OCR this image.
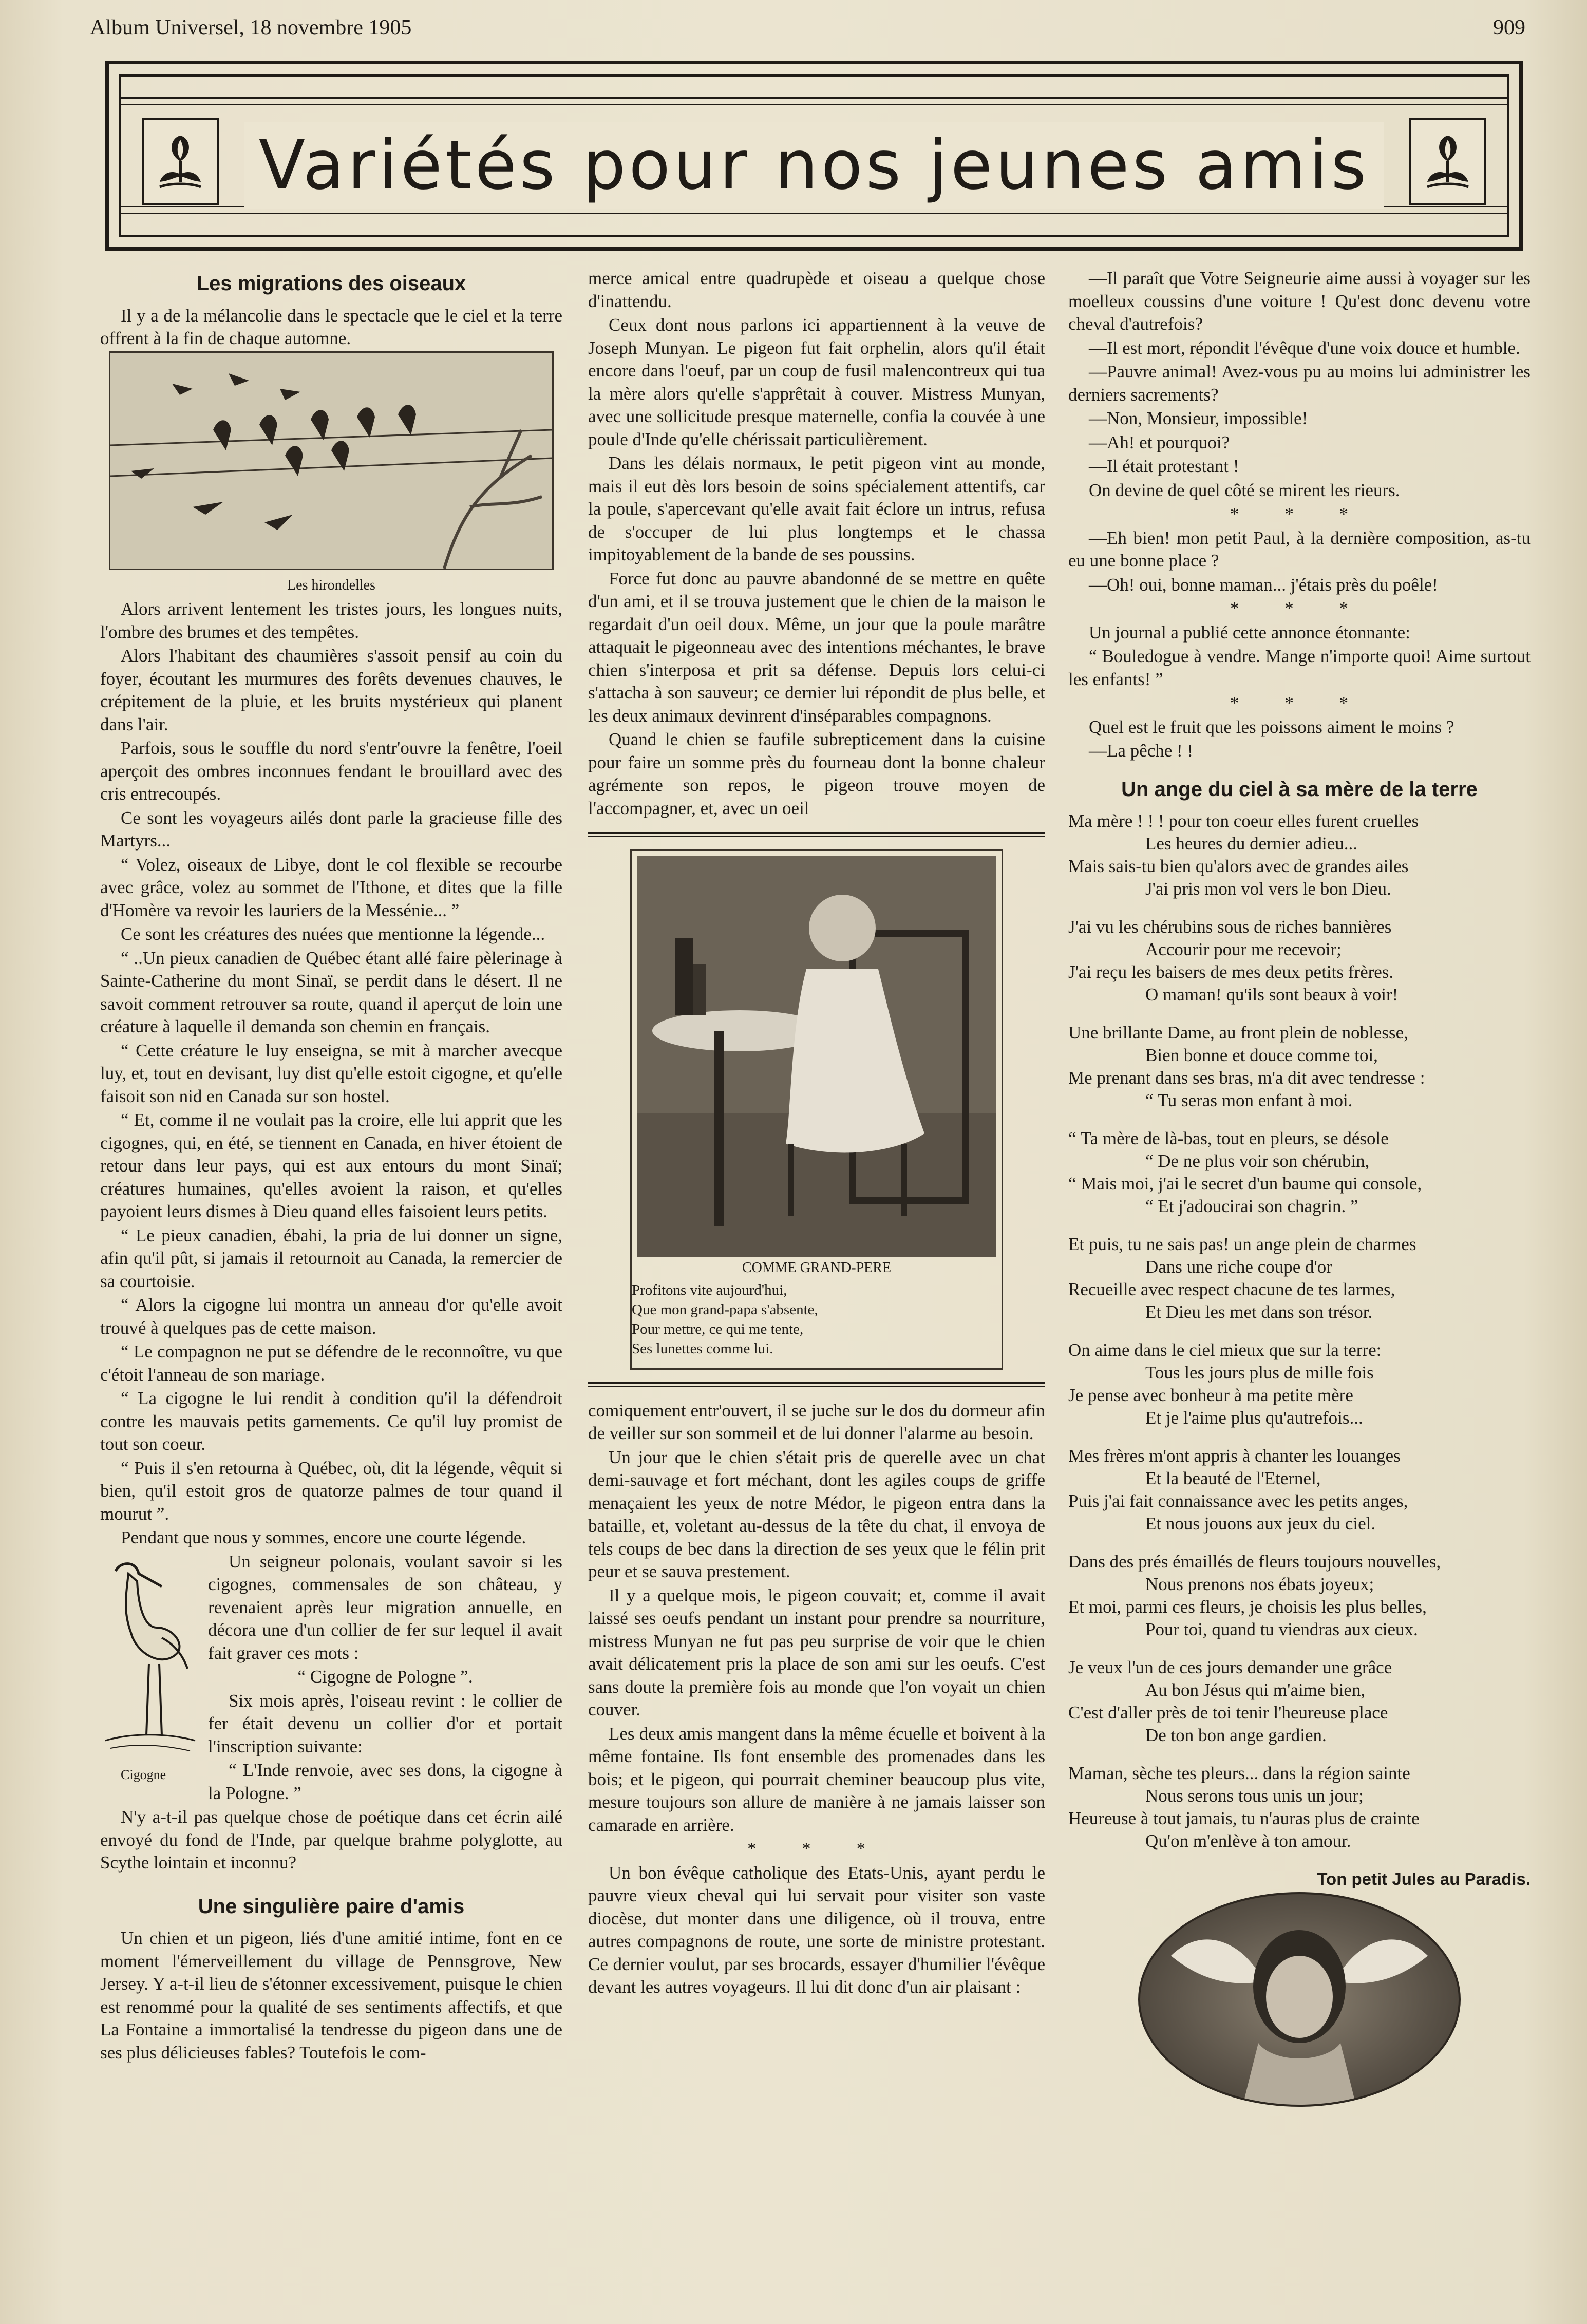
Album Universel, 18 novembre 1905	909
Variétés pour nos jeunes amis
Les migrations des oiseaux

Il y a de la mélancolie dans le spectacle que le ciel et la terre offrent à la fin de chaque automne.

Les hirondelles

Alors arrivent lentement les tristes jours, les longues nuits, l'ombre des brumes et des tempêtes.

Alors l'habitant des chaumières s'assoit pensif au coin du foyer, écoutant les murmures des forêts devenues chauves, le crépitement de la pluie, et les bruits mystérieux qui planent dans l'air.

Parfois, sous le souffle du nord s'entr'ouvre la fenêtre, l'oeil aperçoit des ombres inconnues fendant le brouillard avec des cris entrecoupés.

Ce sont les voyageurs ailés dont parle la gracieuse fille des Martyrs...

“ Volez, oiseaux de Libye, dont le col flexible se recourbe avec grâce, volez au sommet de l'Ithone, et dites que la fille d'Homère va revoir les lauriers de la Messénie... ”

Ce sont les créatures des nuées que mentionne la légende...

“ ..Un pieux canadien de Québec étant allé faire pèlerinage à Sainte-Catherine du mont Sinaï, se perdit dans le désert. Il ne savoit comment retrouver sa route, quand il aperçut de loin une créature à laquelle il demanda son chemin en français.

“ Cette créature le luy enseigna, se mit à marcher avecque luy, et, tout en devisant, luy dist qu'elle estoit cigogne, et qu'elle faisoit son nid en Canada sur son hostel.

“ Et, comme il ne voulait pas la croire, elle lui apprit que les cigognes, qui, en été, se tiennent en Canada, en hiver étoient de retour dans leur pays, qui est aux entours du mont Sinaï; créatures humaines, qu'elles avoient la raison, et qu'elles payoient leurs dismes à Dieu quand elles faisoient leurs petits.

“ Le pieux canadien, ébahi, la pria de lui donner un signe, afin qu'il pût, si jamais il retournoit au Canada, la remercier de sa courtoisie.

“ Alors la cigogne lui montra un anneau d'or qu'elle avoit trouvé à quelques pas de cette maison.

“ Le compagnon ne put se défendre de le reconnoître, vu que c'étoit l'anneau de son mariage.

“ La cigogne le lui rendit à condition qu'il la défendroit contre les mauvais petits garnements. Ce qu'il luy promist de tout son coeur.

“ Puis il s'en retourna à Québec, où, dit la légende, vêquit si bien, qu'il estoit gros de quatorze palmes de tour quand il mourut ”.

Pendant que nous y sommes, encore une courte légende.

Cigogne

Un seigneur polonais, voulant savoir si les cigognes, commensales de son château, y revenaient après leur migration annuelle, en décora une d'un collier de fer sur lequel il avait fait graver ces mots :

“ Cigogne de Pologne ”.

Six mois après, l'oiseau revint : le collier de fer était devenu un collier d'or et portait l'inscription suivante:

“ L'Inde renvoie, avec ses dons, la cigogne à la Pologne. ”

N'y a-t-il pas quelque chose de poétique dans cet écrin ailé envoyé du fond de l'Inde, par quelque brahme polyglotte, au Scythe lointain et inconnu?

Une singulière paire d'amis

Un chien et un pigeon, liés d'une amitié intime, font en ce moment l'émerveillement du village de Pennsgrove, New Jersey. Y a-t-il lieu de s'étonner excessivement, puisque le chien est renommé pour la qualité de ses sentiments affectifs, et que La Fontaine a immortalisé la tendresse du pigeon dans une de ses plus délicieuses fables? Toutefois le com-

merce amical entre quadrupède et oiseau a quelque chose d'inattendu.

Ceux dont nous parlons ici appartiennent à la veuve de Joseph Munyan. Le pigeon fut fait orphelin, alors qu'il était encore dans l'oeuf, par un coup de fusil malencontreux qui tua la mère alors qu'elle s'apprêtait à couver. Mistress Munyan, avec une sollicitude presque maternelle, confia la couvée à une poule d'Inde qu'elle chérissait particulièrement.

Dans les délais normaux, le petit pigeon vint au monde, mais il eut dès lors besoin de soins spécialement attentifs, car la poule, s'apercevant qu'elle avait fait éclore un intrus, refusa de s'occuper de lui plus longtemps et le chassa impitoyablement de la bande de ses poussins.

Force fut donc au pauvre abandonné de se mettre en quête d'un ami, et il se trouva justement que le chien de la maison le regardait d'un oeil doux. Même, un jour que la poule marâtre attaquait le pigeonneau avec des intentions méchantes, le brave chien s'interposa et prit sa défense. Depuis lors celui-ci s'attacha à son sauveur; ce dernier lui répondit de plus belle, et les deux animaux devinrent d'inséparables compagnons.

Quand le chien se faufile subrepticement dans la cuisine pour faire un somme près du fourneau dont la bonne chaleur agrémente son repos, le pigeon trouve moyen de l'accompagner, et, avec un oeil

COMME GRAND-PERE

Profitons vite aujourd'hui,

Que mon grand-papa s'absente,

Pour mettre, ce qui me tente,

Ses lunettes comme lui.

comiquement entr'ouvert, il se juche sur le dos du dormeur afin de veiller sur son sommeil et de lui donner l'alarme au besoin.

Un jour que le chien s'était pris de querelle avec un chat demi-sauvage et fort méchant, dont les agiles coups de griffe menaçaient les yeux de notre Médor, le pigeon entra dans la bataille, et, voletant au-dessus de la tête du chat, il envoya de tels coups de bec dans la direction de ses yeux que le félin prit peur et se sauva prestement.

Il y a quelque mois, le pigeon couvait; et, comme il avait laissé ses oeufs pendant un instant pour prendre sa nourriture, mistress Munyan ne fut pas peu surprise de voir que le chien avait délicatement pris la place de son ami sur les oeufs. C'est sans doute la première fois au monde que l'on voyait un chien couver.

Les deux amis mangent dans la même écuelle et boivent à la même fontaine. Ils font ensemble des promenades dans les bois; et le pigeon, qui pourrait cheminer beaucoup plus vite, mesure toujours son allure de manière à ne jamais laisser son camarade en arrière.

* * *

Un bon évêque catholique des Etats-Unis, ayant perdu le pauvre vieux cheval qui lui servait pour visiter son vaste diocèse, dut monter dans une diligence, où il trouva, entre autres compagnons de route, une sorte de ministre protestant. Ce dernier voulut, par ses brocards, essayer d'humilier l'évêque devant les autres voyageurs. Il lui dit donc d'un air plaisant :

—Il paraît que Votre Seigneurie aime aussi à voyager sur les moelleux coussins d'une voiture ! Qu'est donc devenu votre cheval d'autrefois?

—Il est mort, répondit l'évêque d'une voix douce et humble.

—Pauvre animal! Avez-vous pu au moins lui administrer les derniers sacrements?

—Non, Monsieur, impossible!

—Ah! et pourquoi?

—Il était protestant !

On devine de quel côté se mirent les rieurs.

* * *

—Eh bien! mon petit Paul, à la dernière composition, as-tu eu une bonne place ?

—Oh! oui, bonne maman... j'étais près du poêle!

* * *

Un journal a publié cette annonce étonnante:

“ Bouledogue à vendre. Mange n'importe quoi! Aime surtout les enfants! ”

* * *

Quel est le fruit que les poissons aiment le moins ?

—La pêche ! !

Un ange du ciel à sa mère de la terre
Ma mère ! ! ! pour ton coeur elles furent cruelles
Les heures du dernier adieu...
Mais sais-tu bien qu'alors avec de grandes ailes
J'ai pris mon vol vers le bon Dieu.
J'ai vu les chérubins sous de riches bannières
Accourir pour me recevoir;
J'ai reçu les baisers de mes deux petits frères.
O maman! qu'ils sont beaux à voir!
Une brillante Dame, au front plein de noblesse,
Bien bonne et douce comme toi,
Me prenant dans ses bras, m'a dit avec tendresse :
“ Tu seras mon enfant à moi.
“ Ta mère de là-bas, tout en pleurs, se désole
“ De ne plus voir son chérubin,
“ Mais moi, j'ai le secret d'un baume qui console,
“ Et j'adoucirai son chagrin. ”
Et puis, tu ne sais pas! un ange plein de charmes
Dans une riche coupe d'or
Recueille avec respect chacune de tes larmes,
Et Dieu les met dans son trésor.
On aime dans le ciel mieux que sur la terre:
Tous les jours plus de mille fois
Je pense avec bonheur à ma petite mère
Et je l'aime plus qu'autrefois...
Mes frères m'ont appris à chanter les louanges
Et la beauté de l'Eternel,
Puis j'ai fait connaissance avec les petits anges,
Et nous jouons aux jeux du ciel.
Dans des prés émaillés de fleurs toujours nouvelles,
Nous prenons nos ébats joyeux;
Et moi, parmi ces fleurs, je choisis les plus belles,
Pour toi, quand tu viendras aux cieux.
Je veux l'un de ces jours demander une grâce
Au bon Jésus qui m'aime bien,
C'est d'aller près de toi tenir l'heureuse place
De ton bon ange gardien.
Maman, sèche tes pleurs... dans la région sainte
Nous serons tous unis un jour;
Heureuse à tout jamais, tu n'auras plus de crainte
Qu'on m'enlève à ton amour.

Ton petit Jules au Paradis.
